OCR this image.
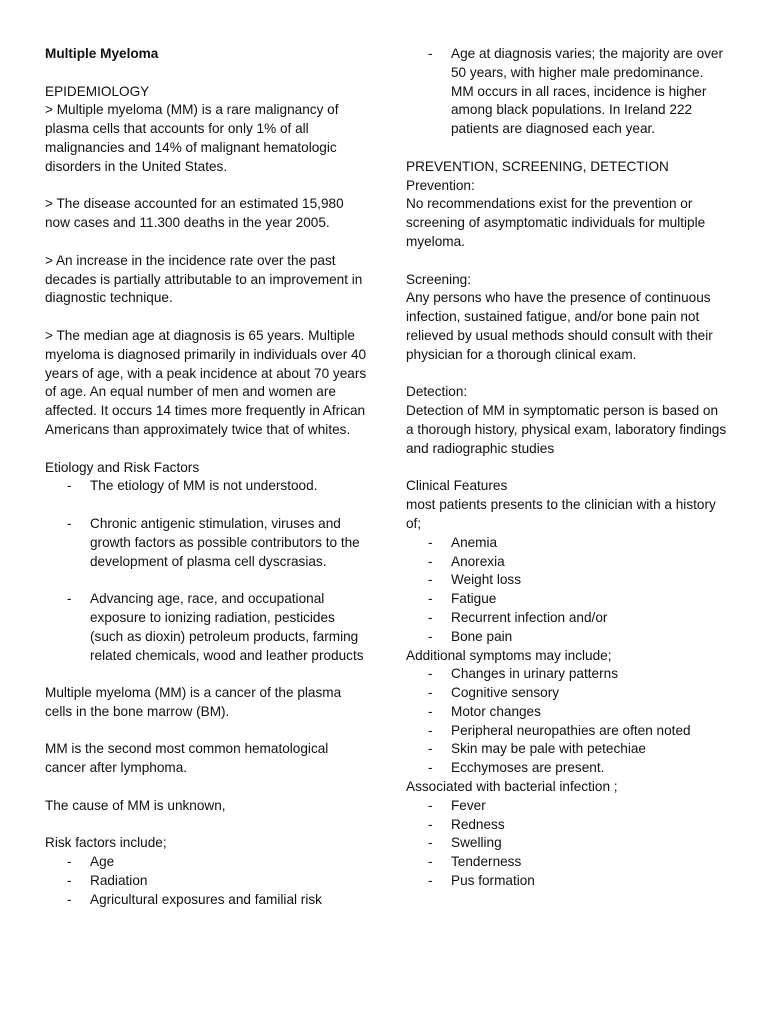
Multiple Myeloma

EPIDEMIOLOGY

> Multiple myeloma (MM) is a rare malignancy of plasma cells that accounts for only 1% of all malignancies and 14% of malignant hematologic disorders in the United States.

> The disease accounted for an estimated 15,980 now cases and 11.300 deaths in the year 2005.

> An increase in the incidence rate over the past decades is partially attributable to an improvement in diagnostic technique.

> The median age at diagnosis is 65 years. Multiple myeloma is diagnosed primarily in individuals over 40 years of age, with a peak incidence at about 70 years of age. An equal number of men and women are affected. It occurs 14 times more frequently in African Americans than approximately twice that of whites.

Etiology and Risk Factors

- The etiology of MM is not understood.
- Chronic antigenic stimulation, viruses and growth factors as possible contributors to the development of plasma cell dyscrasias.
- Advancing age, race, and occupational exposure to ionizing radiation, pesticides (such as dioxin) petroleum products, farming related chemicals, wood and leather products

Multiple myeloma (MM) is a cancer of the plasma cells in the bone marrow (BM).

MM is the second most common hematological cancer after lymphoma.

The cause of MM is unknown,

Risk factors include;

- Age
- Radiation
- Agricultural exposures and familial risk
- Age at diagnosis varies; the majority are over 50 years, with higher male predominance. MM occurs in all races, incidence is higher among black populations. In Ireland 222 patients are diagnosed each year.

PREVENTION, SCREENING, DETECTION

Prevention:

No recommendations exist for the prevention or screening of asymptomatic individuals for multiple myeloma.

Screening:

Any persons who have the presence of continuous infection, sustained fatigue, and/or bone pain not relieved by usual methods should consult with their physician for a thorough clinical exam.

Detection:

Detection of MM in symptomatic person is based on a thorough history, physical exam, laboratory findings and radiographic studies

Clinical Features

most patients presents to the clinician with a history of;

- Anemia
- Anorexia
- Weight loss
- Fatigue
- Recurrent infection and/or
- Bone pain

Additional symptoms may include;

- Changes in urinary patterns
- Cognitive sensory
- Motor changes
- Peripheral neuropathies are often noted
- Skin may be pale with petechiae
- Ecchymoses are present.

Associated with bacterial infection ;

- Fever
- Redness
- Swelling
- Tenderness
- Pus formation
